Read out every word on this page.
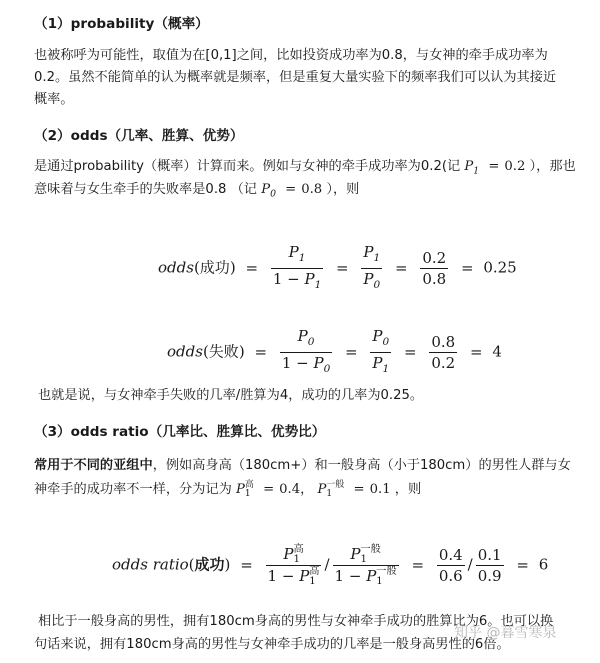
（1）probability（概率）
也被称呼为可能性，取值为在[0,1]之间，比如投资成功率为0.8，与女神的牵手成功率为
0.2。虽然不能简单的认为概率就是频率，但是重复大量实验下的频率我们可以认为其接近
概率。
（2）odds（几率、胜算、优势）
是通过probability（概率）计算而来。例如与女神的牵手成功率为0.2(记 $P_1 = 0.2$ ），那也
意味着与女生牵手的失败率是0.8 （记 $P_0 = 0.8$ ），则
odds(成功) = $\frac{P_1}{1 - P_1} = \frac{P_1}{P_0} = \frac{0.2}{0.8} = 0.25$
odds(失败) = $\frac{P_0}{1 - P_0} = \frac{P_0}{P_1} = \frac{0.8}{0.2} = 4$
也就是说，与女神牵手失败的几率/胜算为4，成功的几率为0.25。
（3）odds ratio（几率比、胜算比、优势比）
常用于不同的亚组中，例如高身高（180cm+）和一般身高（小于180cm）的男性人群与女
神牵手的成功率不一样，分为记为 P 高
1 = 0.4， P 一般
1	= 0.1 ，则
odds ratio(成功) = P 高
1
1 − P 高
1 / P 一般
1
1 − P 一般
$1 = \frac{0.4}{0.6} / \frac{0.1}{0.9} = 6$
相比于一般身高的男性，拥有180cm身高的男性与女神牵手成功的胜算比为6。也可以换
句话来说，拥有180cm身高的男性与女神牵手成功的几率是一般身高男性的6倍。
知乎 @暮雪寒泉
